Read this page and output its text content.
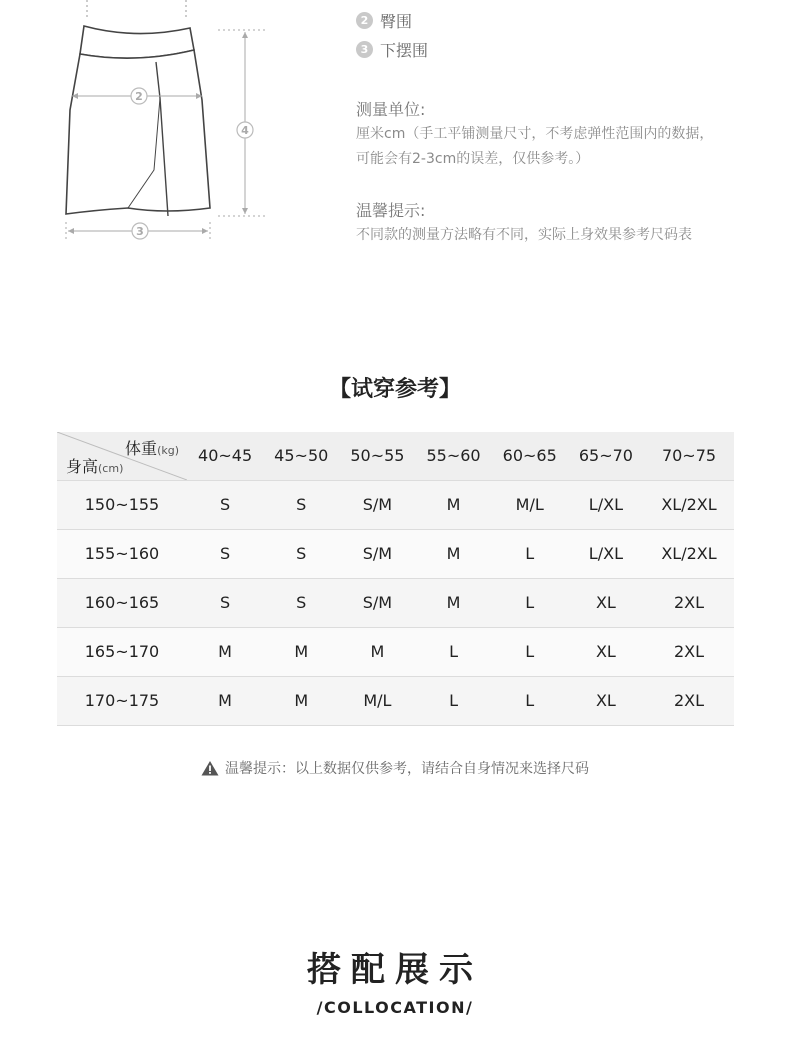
2
4
3
2 臀围
3 下摆围
测量单位:
厘米cm（手工平铺测量尺寸，不考虑弹性范围内的数据，
可能会有2-3cm的误差，仅供参考。）
温馨提示:
不同款的测量方法略有不同，实际上身效果参考尺码表
【试穿参考】
体重(kg)
身高(cm)	40~45	45~50	50~55	55~60	60~65	65~70	70~75
150~155	S	S	S/M	M	M/L	L/XL	XL/2XL
155~160	S	S	S/M	M	L	L/XL	XL/2XL
160~165	S	S	S/M	M	L	XL	2XL
165~170	M	M	M	L	L	XL	2XL
170~175	M	M	M/L	L	L	XL	2XL
温馨提示：以上数据仅供参考，请结合自身情况来选择尺码
搭配展示
/COLLOCATION/
